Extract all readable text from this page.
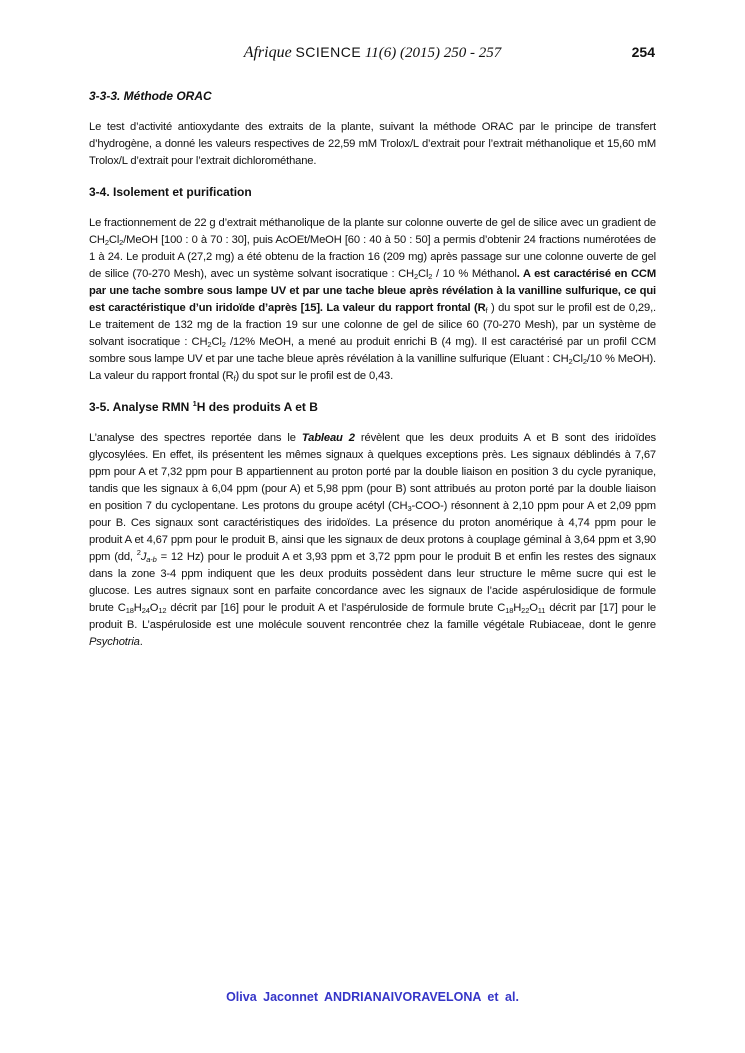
Afrique SCIENCE 11(6) (2015) 250 - 257	254
3-3-3. Méthode ORAC

Le test d’activité antioxydante des extraits de la plante, suivant la méthode ORAC par le principe de transfert d’hydrogène, a donné les valeurs respectives de 22,59 mM Trolox/L d’extrait pour l’extrait méthanolique et 15,60 mM Trolox/L d’extrait pour l’extrait dichlorométhane.

3-4. Isolement et purification

Le fractionnement de 22 g d’extrait méthanolique de la plante sur colonne ouverte de gel de silice avec un gradient de $CH_2Cl_2$/MeOH [100 : 0 à 70 : 30], puis AcOEt/MeOH [60 : 40 à 50 : 50] a permis d’obtenir 24 fractions numérotées de 1 à 24. Le produit A (27,2 mg) a été obtenu de la fraction 16 (209 mg) après passage sur une colonne ouverte de gel de silice (70-270 Mesh), avec un système solvant isocratique : $CH_2Cl_2 / 10$ % Méthanol. A est caractérisé en CCM par une tache sombre sous lampe UV et par une tache bleue après révélation à la vanilline sulfurique, ce qui est caractéristique d’un iridoïde d’après [15]. La valeur du rapport frontal ($R_f$ ) du spot sur le profil est de 0,29,. Le traitement de 132 mg de la fraction 19 sur une colonne de gel de silice 60 (70-270 Mesh), par un système de solvant isocratique : $CH_2Cl_2$ /12% MeOH, a mené au produit enrichi B (4 mg). Il est caractérisé par un profil CCM sombre sous lampe UV et par une tache bleue après révélation à la vanilline sulfurique (Eluant : $CH_2Cl_2/10$ % MeOH). La valeur du rapport frontal $(R_f)$ du spot sur le profil est de 0,43.

3-5. Analyse RMN $^1$H des produits A et B

L’analyse des spectres reportée dans le Tableau 2 révèlent que les deux produits A et B sont des iridoïdes glycosylées. En effet, ils présentent les mêmes signaux à quelques exceptions près. Les signaux déblindés à 7,67 ppm pour A et 7,32 ppm pour B appartiennent au proton porté par la double liaison en position 3 du cycle pyranique, tandis que les signaux à 6,04 ppm (pour A) et 5,98 ppm (pour B) sont attribués au proton porté par la double liaison en position 7 du cyclopentane. Les protons du groupe acétyl $(CH_3-COO-)$ résonnent à 2,10 ppm pour A et 2,09 ppm pour B. Ces signaux sont caractéristiques des iridoïdes. La présence du proton anomérique à 4,74 ppm pour le produit A et 4,67 ppm pour le produit B, ainsi que les signaux de deux protons à couplage géminal à 3,64 ppm et 3,90 ppm (dd, $^2J_{a-b} = 12$ Hz) pour le produit A et 3,93 ppm et 3,72 ppm pour le produit B et enfin les restes des signaux dans la zone 3-4 ppm indiquent que les deux produits possèdent dans leur structure le même sucre qui est le glucose. Les autres signaux sont en parfaite concordance avec les signaux de l’acide aspérulosidique de formule brute $C_{18}H_{24}O_{12}$ décrit par [16] pour le produit A et l’aspéruloside de formule brute $C_{18}H_{22}O_{11}$ décrit par [17] pour le produit B. L’aspéruloside est une molécule souvent rencontrée chez la famille végétale Rubiaceae, dont le genre Psychotria.

Oliva Jaconnet ANDRIANAIVORAVELONA et al.
